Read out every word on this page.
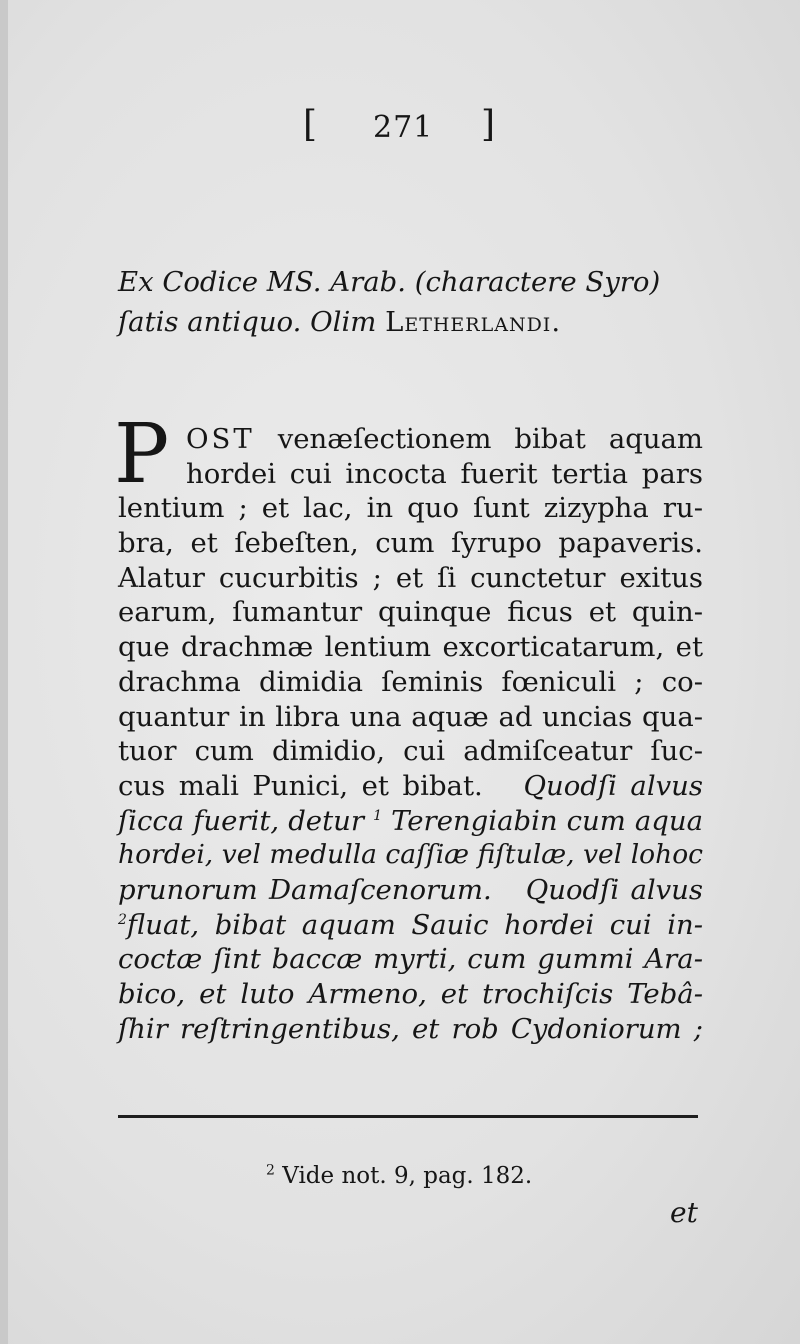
[ 271 ]
Ex Codice MS. Arab. (charactere Syro)
ſatis antiquo. Olim Letherlandi.
P OST venæſectionem bibat aquam
hordei cui incocta fuerit tertia pars
lentium ; et lac, in quo ſunt zizypha ru-
bra, et ſebeſten, cum ſyrupo papaveris.
Alatur cucurbitis ; et ſi cunctetur exitus
earum, ſumantur quinque ficus et quin-
que drachmæ lentium excorticatarum, et
drachma dimidia ſeminis fœniculi ; co-
quantur in libra una aquæ ad uncias qua-
tuor cum dimidio, cui admiſceatur ſuc-
cus mali Punici, et bibat. Quodſi alvus
ſicca fuerit, detur $^1$ Terengiabin cum aqua
hordei, vel medulla caſſiæ fiſtulæ, vel lohoc
prunorum Damaſcenorum. Quodſi alvus
$^2$fluat, bibat aquam Sauic hordei cui in-
coctæ ſint baccæ myrti, cum gummi Ara-
bico, et luto Armeno, et trochiſcis Tebâ-
ſhir reſtringentibus, et rob Cydoniorum ;
$^2$ Vide not. 9, pag. 182.
et
